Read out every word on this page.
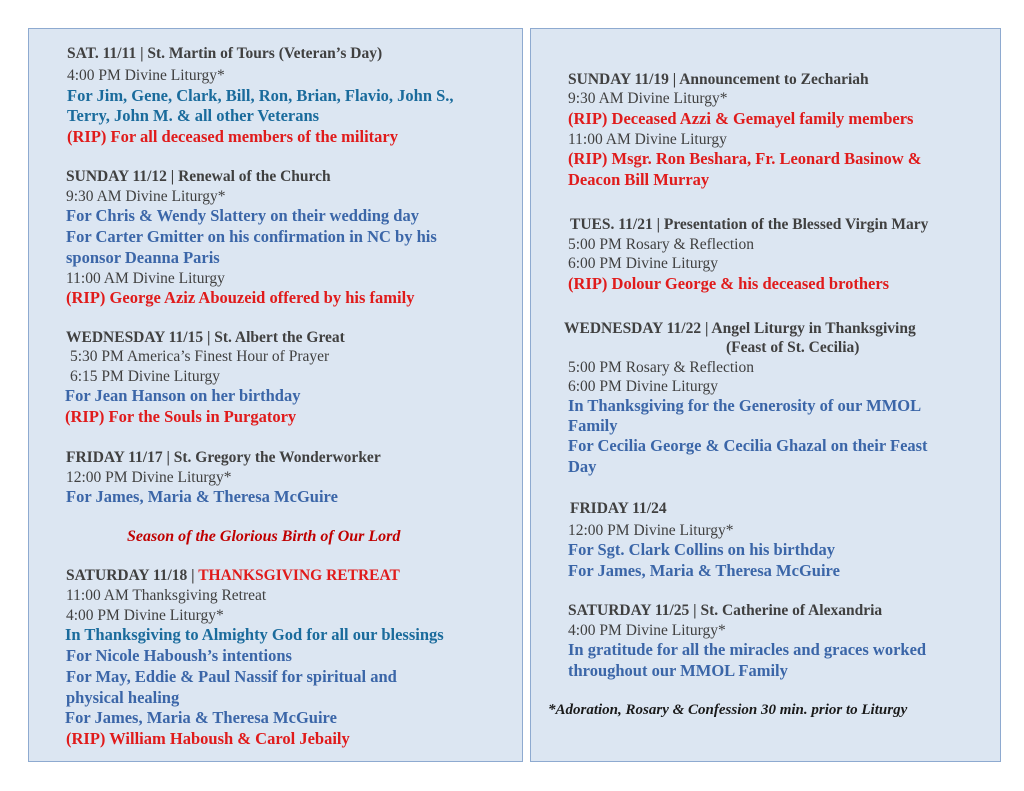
SAT. 11/11 | St. Martin of Tours (Veteran’s Day)
4:00 PM Divine Liturgy*
For Jim, Gene, Clark, Bill, Ron, Brian, Flavio, John S.,
Terry, John M. & all other Veterans
(RIP) For all deceased members of the military
SUNDAY 11/12 | Renewal of the Church
9:30 AM Divine Liturgy*
For Chris & Wendy Slattery on their wedding day
For Carter Gmitter on his confirmation in NC by his
sponsor Deanna Paris
11:00 AM Divine Liturgy
(RIP) George Aziz Abouzeid offered by his family
WEDNESDAY 11/15 | St. Albert the Great
5:30 PM America’s Finest Hour of Prayer
6:15 PM Divine Liturgy
For Jean Hanson on her birthday
(RIP) For the Souls in Purgatory
FRIDAY 11/17 | St. Gregory the Wonderworker
12:00 PM Divine Liturgy*
For James, Maria & Theresa McGuire
Season of the Glorious Birth of Our Lord
SATURDAY 11/18 | THANKSGIVING RETREAT
11:00 AM Thanksgiving Retreat
4:00 PM Divine Liturgy*
In Thanksgiving to Almighty God for all our blessings
For Nicole Haboush’s intentions
For May, Eddie & Paul Nassif for spiritual and
physical healing
For James, Maria & Theresa McGuire
(RIP) William Haboush & Carol Jebaily
SUNDAY 11/19 | Announcement to Zechariah
9:30 AM Divine Liturgy*
(RIP) Deceased Azzi & Gemayel family members
11:00 AM Divine Liturgy
(RIP) Msgr. Ron Beshara, Fr. Leonard Basinow &
Deacon Bill Murray
TUES. 11/21 | Presentation of the Blessed Virgin Mary
5:00 PM Rosary & Reflection
6:00 PM Divine Liturgy
(RIP) Dolour George & his deceased brothers
WEDNESDAY 11/22 | Angel Liturgy in Thanksgiving
(Feast of St. Cecilia)
5:00 PM Rosary & Reflection
6:00 PM Divine Liturgy
In Thanksgiving for the Generosity of our MMOL
Family
For Cecilia George & Cecilia Ghazal on their Feast
Day
FRIDAY 11/24
12:00 PM Divine Liturgy*
For Sgt. Clark Collins on his birthday
For James, Maria & Theresa McGuire
SATURDAY 11/25 | St. Catherine of Alexandria
4:00 PM Divine Liturgy*
In gratitude for all the miracles and graces worked
throughout our MMOL Family
*Adoration, Rosary & Confession 30 min. prior to Liturgy
